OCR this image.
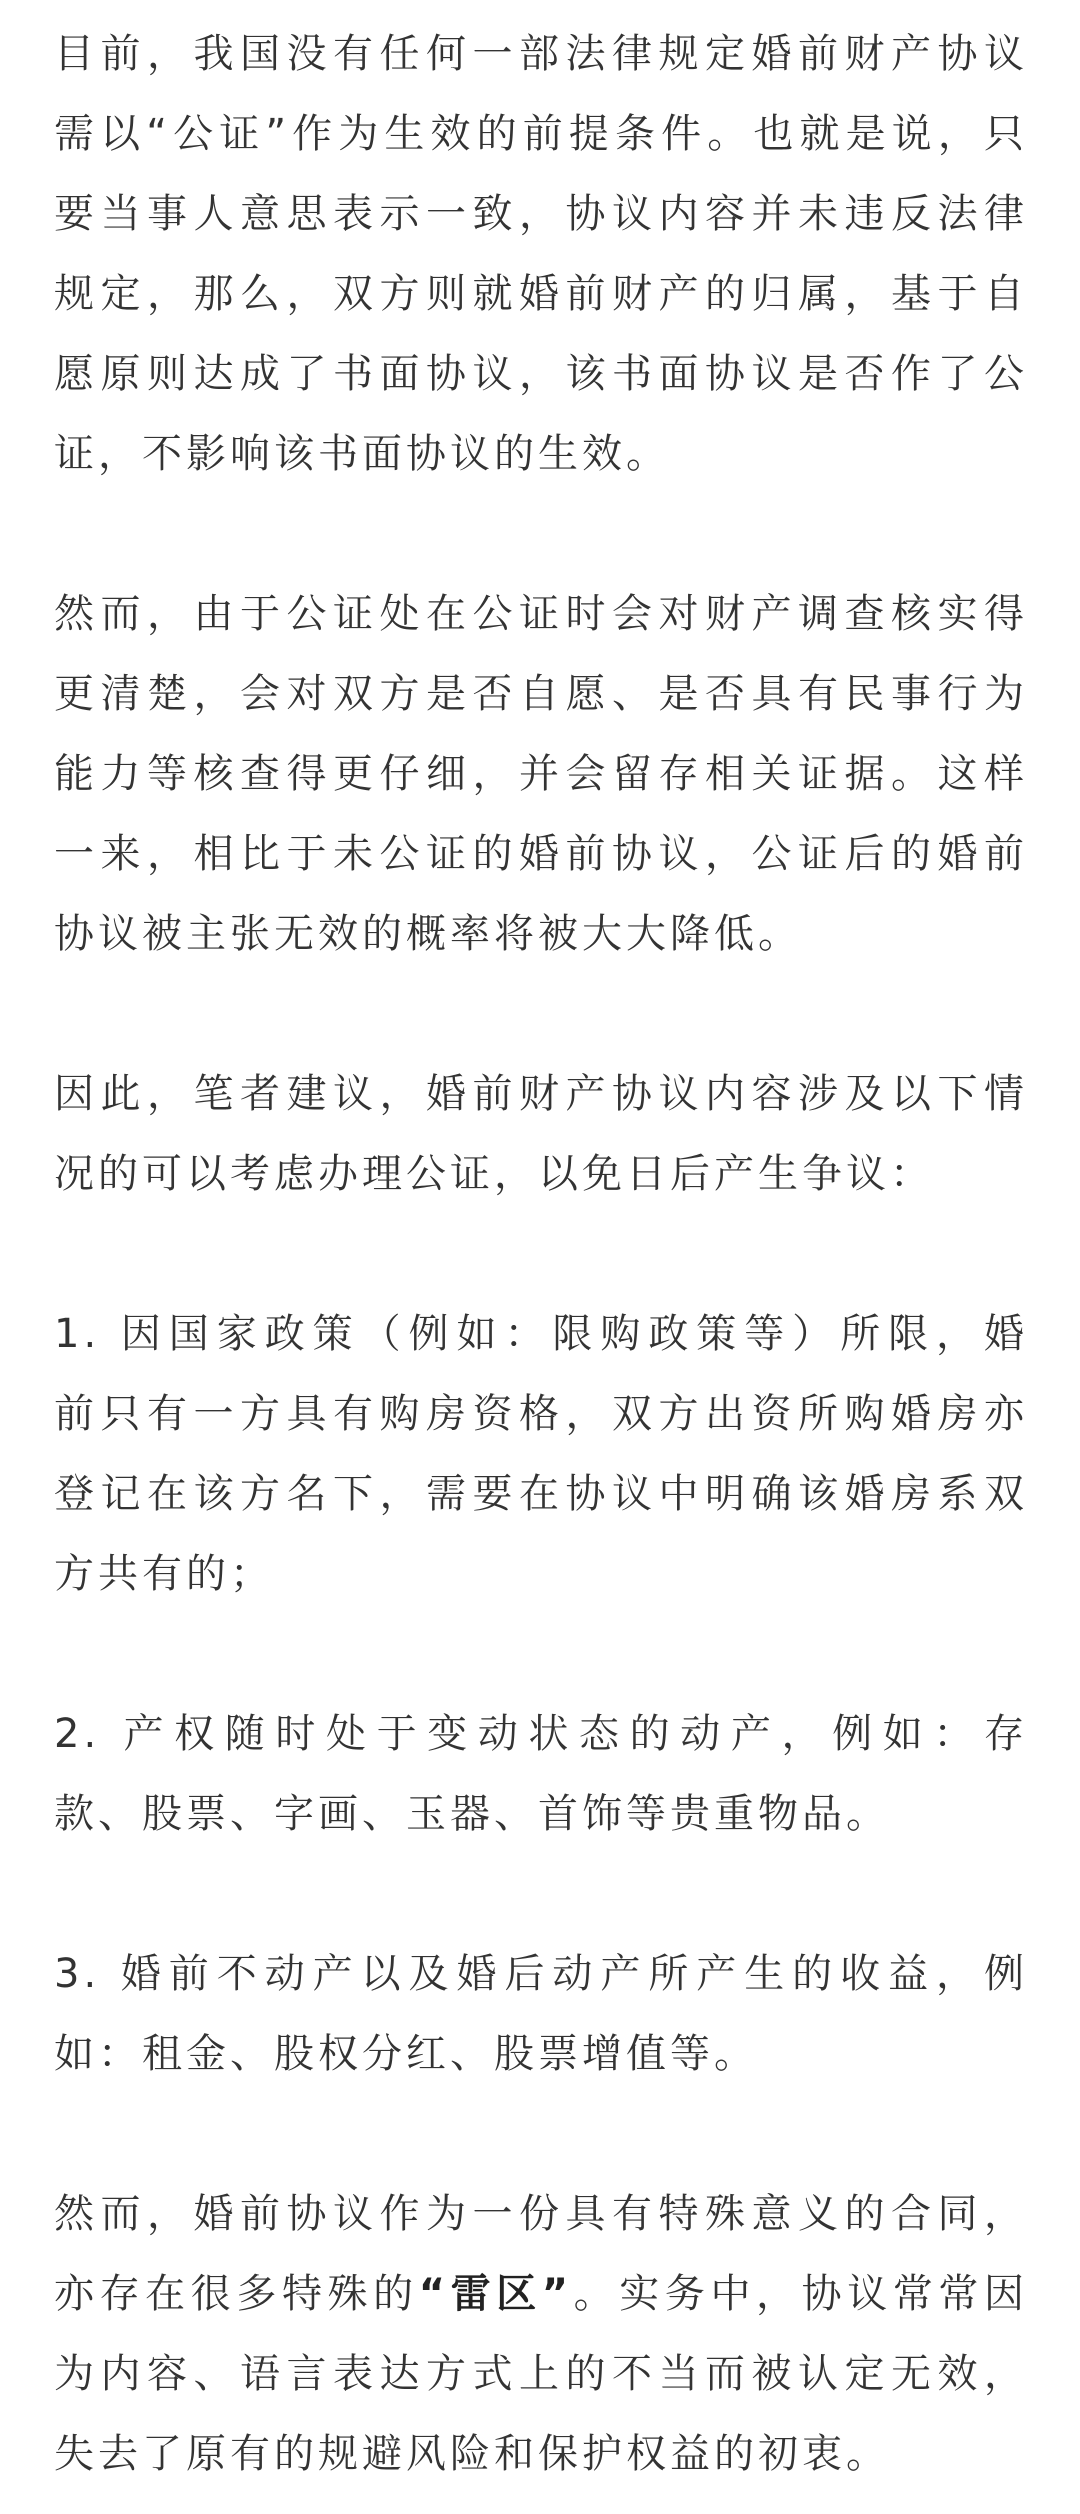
目前，我国没有任何一部法律规定婚前财产协议
需以“公证”作为生效的前提条件。也就是说，只
要当事人意思表示一致，协议内容并未违反法律
规定，那么，双方则就婚前财产的归属，基于自
愿原则达成了书面协议，该书面协议是否作了公
证，不影响该书面协议的生效。

然而，由于公证处在公证时会对财产调查核实得
更清楚，会对双方是否自愿、是否具有民事行为
能力等核查得更仔细，并会留存相关证据。这样
一来，相比于未公证的婚前协议，公证后的婚前
协议被主张无效的概率将被大大降低。

因此，笔者建议，婚前财产协议内容涉及以下情
况的可以考虑办理公证，以免日后产生争议：

1. 因国家政策（例如：限购政策等）所限，婚
前只有一方具有购房资格，双方出资所购婚房亦
登记在该方名下，需要在协议中明确该婚房系双
方共有的；

2. 产权随时处于变动状态的动产，例如：存
款、股票、字画、玉器、首饰等贵重物品。

3. 婚前不动产以及婚后动产所产生的收益，例
如：租金、股权分红、股票增值等。

然而，婚前协议作为一份具有特殊意义的合同，
亦存在很多特殊的“雷区”。实务中，协议常常因
为内容、语言表达方式上的不当而被认定无效，
失去了原有的规避风险和保护权益的初衷。
